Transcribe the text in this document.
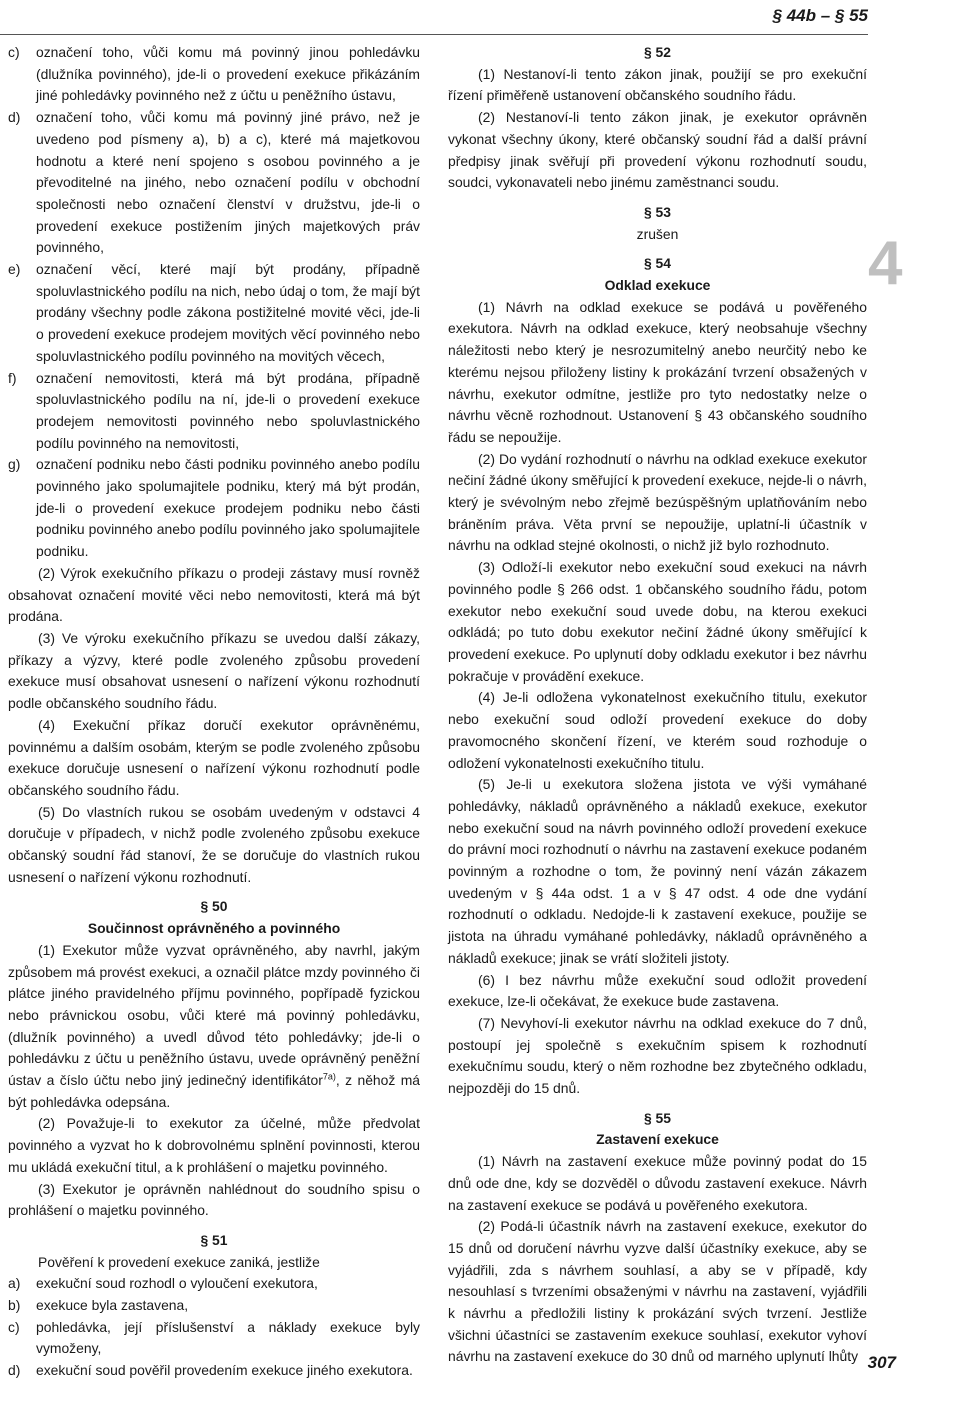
§ 44b – § 55
c)	označení toho, vůči komu má povinný jinou pohledávku (dlužníka povinného), jde-li o provedení exekuce přikázáním jiné pohledávky povinného než z účtu u peněžního ústavu,
d)	označení toho, vůči komu má povinný jiné právo, než je uvedeno pod písmeny a), b) a c), které má majetkovou hodnotu a které není spojeno s osobou povinného a je převoditelné na jiného, nebo označení podílu v obchodní společnosti nebo označení členství v družstvu, jde-li o provedení exekuce postižením jiných majetkových práv povinného,
e)	označení věcí, které mají být prodány, případně spoluvlastnického podílu na nich, nebo údaj o tom, že mají být prodány všechny podle zákona postižitelné movité věci, jde-li o provedení exekuce prodejem movitých věcí povinného nebo spoluvlastnického podílu povinného na movitých věcech,
f)	označení nemovitosti, která má být prodána, případně spoluvlastnického podílu na ní, jde-li o provedení exekuce prodejem nemovitosti povinného nebo spoluvlastnického podílu povinného na nemovitosti,
g)	označení podniku nebo části podniku povinného anebo podílu povinného jako spolumajitele podniku, který má být prodán, jde-li o provedení exekuce prodejem podniku nebo části podniku povinného anebo podílu povinného jako spolumajitele podniku.

(2) Výrok exekučního příkazu o prodeji zástavy musí rovněž obsahovat označení movité věci nebo nemovitosti, která má být prodána.

(3) Ve výroku exekučního příkazu se uvedou další zákazy, příkazy a výzvy, které podle zvoleného způsobu provedení exekuce musí obsahovat usnesení o nařízení výkonu rozhodnutí podle občanského soudního řádu.

(4) Exekuční příkaz doručí exekutor oprávněnému, povinnému a dalším osobám, kterým se podle zvoleného způsobu exekuce doručuje usnesení o nařízení výkonu rozhodnutí podle občanského soudního řádu.

(5) Do vlastních rukou se osobám uvedeným v odstavci 4 doručuje v případech, v nichž podle zvoleného způsobu exekuce občanský soudní řád stanoví, že se doručuje do vlastních rukou usnesení o nařízení výkonu rozhodnutí.

§ 50

Součinnost oprávněného a povinného

(1) Exekutor může vyzvat oprávněného, aby navrhl, jakým způsobem má provést exekuci, a označil plátce mzdy povinného či plátce jiného pravidelného příjmu povinného, popřípadě fyzickou nebo právnickou osobu, vůči které má povinný pohledávku, (dlužník povinného) a uvedl důvod této pohledávky; jde-li o pohledávku z účtu u peněžního ústavu, uvede oprávněný peněžní ústav a číslo účtu nebo jiný jedinečný identifikátor$^{7a)}$, z něhož má být pohledávka odepsána.

(2) Považuje-li to exekutor za účelné, může předvolat povinného a vyzvat ho k dobrovolnému splnění povinnosti, kterou mu ukládá exekuční titul, a k prohlášení o majetku povinného.

(3) Exekutor je oprávněn nahlédnout do soudního spisu o prohlášení o majetku povinného.

§ 51

Pověření k provedení exekuce zaniká, jestliže

a)	exekuční soud rozhodl o vyloučení exekutora,
b)	exekuce byla zastavena,
c)	pohledávka, její příslušenství a náklady exekuce byly vymoženy,
d)	exekuční soud pověřil provedením exekuce jiného exekutora.

§ 52

(1) Nestanoví-li tento zákon jinak, použijí se pro exekuční řízení přiměřeně ustanovení občanského soudního řádu.

(2) Nestanoví-li tento zákon jinak, je exekutor oprávněn vykonat všechny úkony, které občanský soudní řád a další právní předpisy jinak svěřují při provedení výkonu rozhodnutí soudu, soudci, vykonavateli nebo jinému zaměstnanci soudu.

§ 53

zrušen

§ 54

Odklad exekuce

(1) Návrh na odklad exekuce se podává u pověřeného exekutora. Návrh na odklad exekuce, který neobsahuje všechny náležitosti nebo který je nesrozumitelný anebo neurčitý nebo ke kterému nejsou přiloženy listiny k prokázání tvrzení obsažených v návrhu, exekutor odmítne, jestliže pro tyto nedostatky nelze o návrhu věcně rozhodnout. Ustanovení § 43 občanského soudního řádu se nepoužije.

(2) Do vydání rozhodnutí o návrhu na odklad exekuce exekutor nečiní žádné úkony směřující k provedení exekuce, nejde-li o návrh, který je svévolným nebo zřejmě bezúspěšným uplatňováním nebo bráněním práva. Věta první se nepoužije, uplatní-li účastník v návrhu na odklad stejné okolnosti, o nichž již bylo rozhodnuto.

(3) Odloží-li exekutor nebo exekuční soud exekuci na návrh povinného podle § 266 odst. 1 občanského soudního řádu, potom exekutor nebo exekuční soud uvede dobu, na kterou exekuci odkládá; po tuto dobu exekutor nečiní žádné úkony směřující k provedení exekuce. Po uplynutí doby odkladu exekutor i bez návrhu pokračuje v provádění exekuce.

(4) Je-li odložena vykonatelnost exekučního titulu, exekutor nebo exekuční soud odloží provedení exekuce do doby pravomocného skončení řízení, ve kterém soud rozhoduje o odložení vykonatelnosti exekučního titulu.

(5) Je-li u exekutora složena jistota ve výši vymáhané pohledávky, nákladů oprávněného a nákladů exekuce, exekutor nebo exekuční soud na návrh povinného odloží provedení exekuce do právní moci rozhodnutí o návrhu na zastavení exekuce podaném povinným a rozhodne o tom, že povinný není vázán zákazem uvedeným v § 44a odst. 1 a v § 47 odst. 4 ode dne vydání rozhodnutí o odkladu. Nedojde-li k zastavení exekuce, použije se jistota na úhradu vymáhané pohledávky, nákladů oprávněného a nákladů exekuce; jinak se vrátí složiteli jistoty.

(6) I bez návrhu může exekuční soud odložit provedení exekuce, lze-li očekávat, že exekuce bude zastavena.

(7) Nevyhoví-li exekutor návrhu na odklad exekuce do 7 dnů, postoupí jej společně s exekučním spisem k rozhodnutí exekučnímu soudu, který o něm rozhodne bez zbytečného odkladu, nejpozději do 15 dnů.

§ 55

Zastavení exekuce

(1) Návrh na zastavení exekuce může povinný podat do 15 dnů ode dne, kdy se dozvěděl o důvodu zastavení exekuce. Návrh na zastavení exekuce se podává u pověřeného exekutora.

(2) Podá-li účastník návrh na zastavení exekuce, exekutor do 15 dnů od doručení návrhu vyzve další účastníky exekuce, aby se vyjádřili, zda s návrhem souhlasí, a aby se v případě, kdy nesouhlasí s tvrzeními obsaženými v návrhu na zastavení, vyjádřili k návrhu a předložili listiny k prokázání svých tvrzení. Jestliže všichni účastníci se zastavením exekuce souhlasí, exekutor vyhoví návrhu na zastavení exekuce do 30 dnů od marného uplynutí lhůty

4
307
